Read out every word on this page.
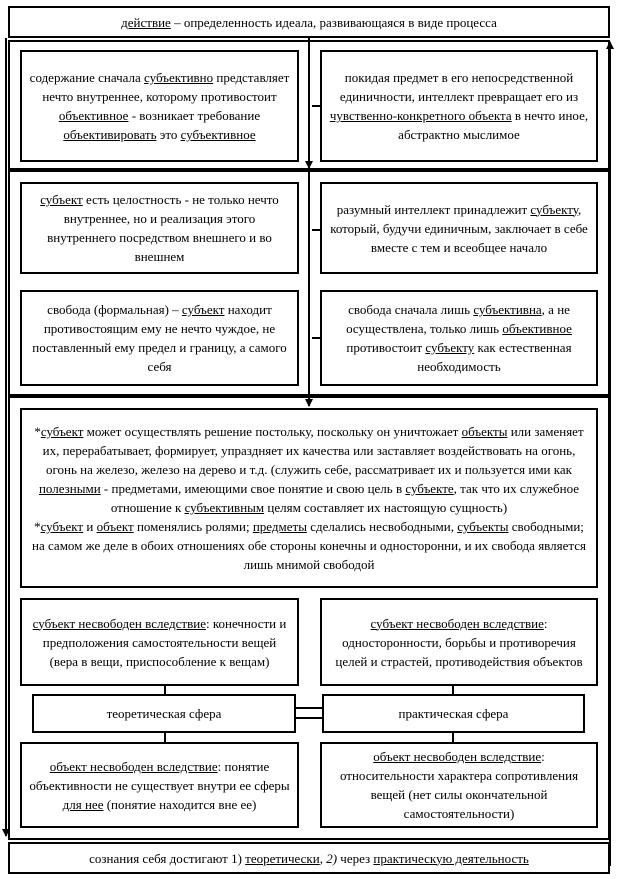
действие – определенность идеала, развивающаяся в виде процесса
содержание сначала субъективно представляет нечто внутреннее, которому противостоит объективное - возникает требование объективировать это субъективное
покидая предмет в его непосредственной единичности, интеллект превращает его из чувственно-конкретного объекта в нечто иное, абстрактно мыслимое
субъект есть целостность - не только нечто внутреннее, но и реализация этого внутреннего посредством внешнего и во внешнем
разумный интеллект принадлежит субъекту, который, будучи единичным, заключает в себе вместе с тем и всеобщее начало
свобода (формальная) – субъект находит противостоящим ему не нечто чуждое, не поставленный ему предел и границу, а самого себя
свобода сначала лишь субъективна, а не осуществлена, только лишь объективное противостоит субъекту как естественная необходимость
*субъект может осуществлять решение постольку, поскольку он уничтожает объекты или заменяет их, перерабатывает, формирует, упраздняет их качества или заставляет воздействовать на огонь, огонь на железо, железо на дерево и т.д. (служить себе, рассматривает их и пользуется ими как полезными - предметами, имеющими свое понятие и свою цель в субъекте, так что их служебное отношение к субъективным целям составляет их настоящую сущность)
*субъект и объект поменялись ролями; предметы сделались несвободными, субъекты свободными; на самом же деле в обоих отношениях обе стороны конечны и односторонни, и их свобода является лишь мнимой свободой
субъект несвободен вследствие: конечности и предположения самостоятельности вещей (вера в вещи, приспособление к вещам)
субъект несвободен вследствие: односторонности, борьбы и противоречия целей и страстей, противодействия объектов
теоретическая сфера	практическая сфера
объект несвободен вследствие: понятие объективности не существует внутри ее сферы для нее (понятие находится вне ее)
объект несвободен вследствие: относительности характера сопротивления вещей (нет силы окончательной самостоятельности)
сознания себя достигают 1) теоретически, 2) через практическую деятельность
